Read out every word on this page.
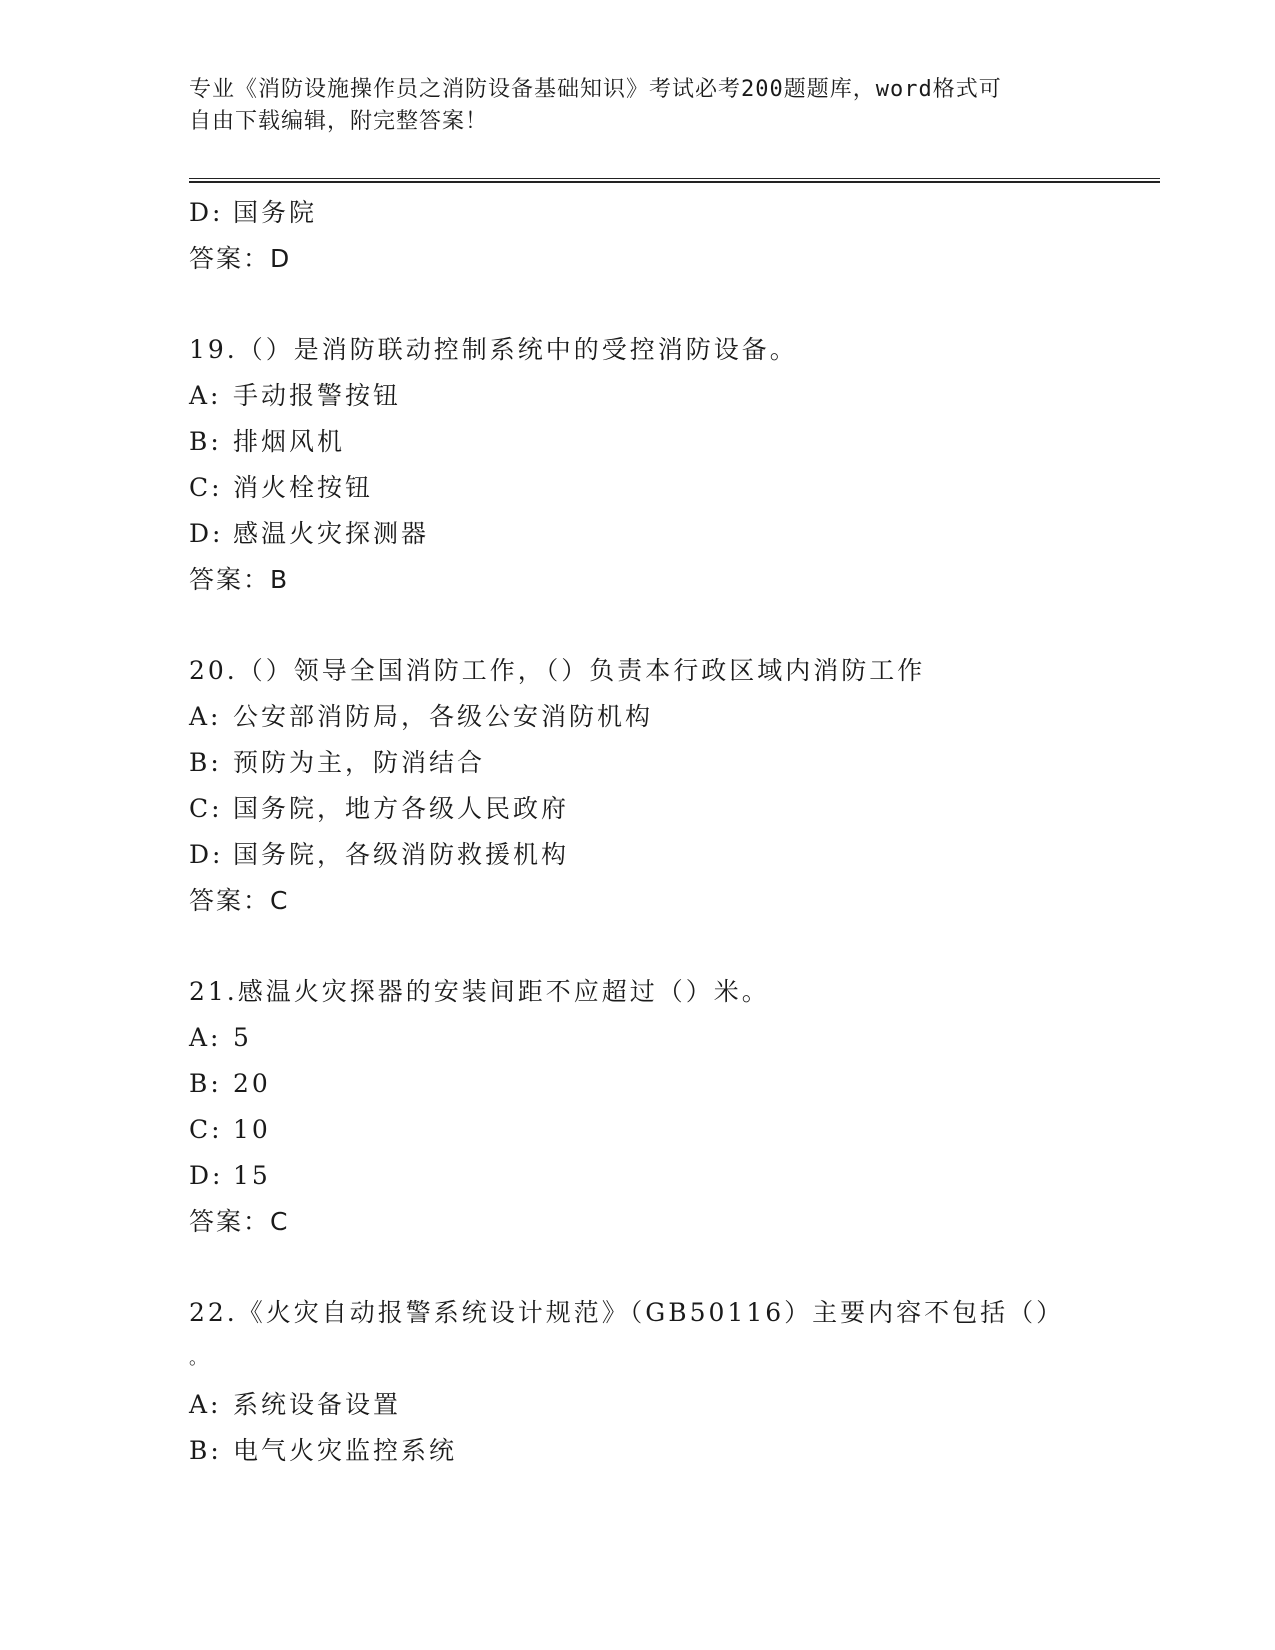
专业《消防设施操作员之消防设备基础知识》考试必考200题题库，word格式可
自由下载编辑，附完整答案！
D: 国务院
答案：D
19.（）是消防联动控制系统中的受控消防设备。
A: 手动报警按钮
B: 排烟风机
C: 消火栓按钮
D: 感温火灾探测器
答案：B
20.（）领导全国消防工作，（）负责本行政区域内消防工作
A: 公安部消防局，各级公安消防机构
B: 预防为主，防消结合
C: 国务院，地方各级人民政府
D: 国务院，各级消防救援机构
答案：C
21.感温火灾探器的安装间距不应超过（）米。
A: 5
B: 20
C: 10
D: 15
答案：C
22.《火灾自动报警系统设计规范》（GB50116）主要内容不包括（）
。
A: 系统设备设置
B: 电气火灾监控系统
